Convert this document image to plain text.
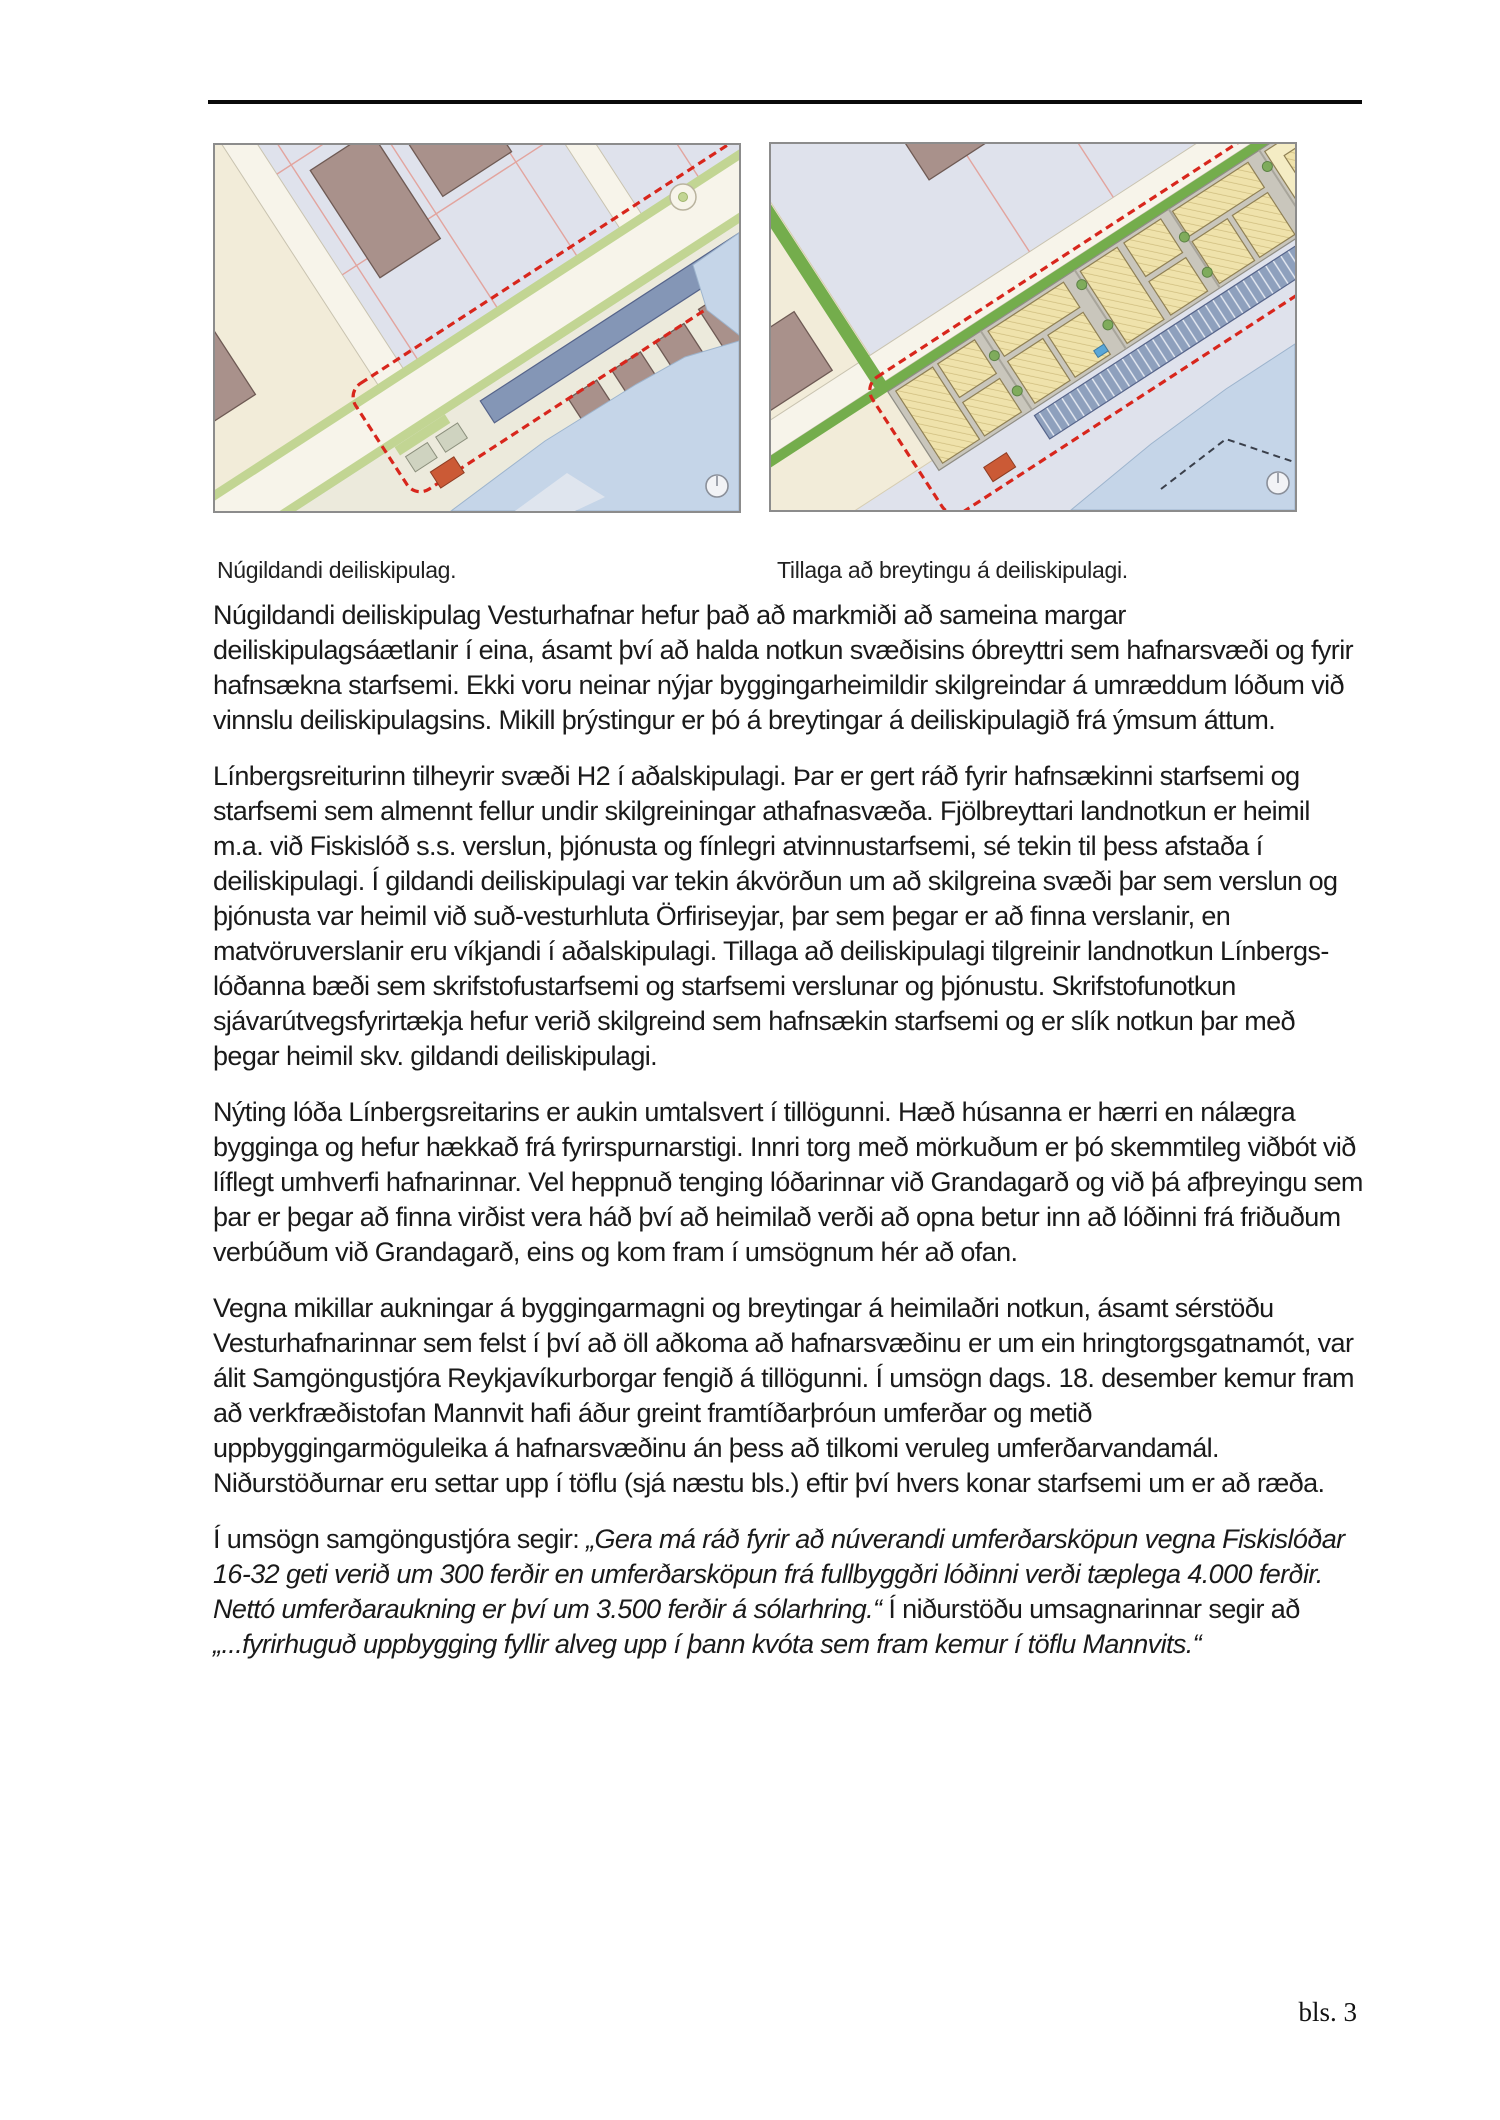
Núgildandi deiliskipulag.	Tillaga að breytingu á deiliskipulagi.

Núgildandi deiliskipulag Vesturhafnar hefur það að markmiði að sameina margar deiliskipulagsáætlanir í eina, ásamt því að halda notkun svæðisins óbreyttri sem hafnarsvæði og fyrir hafnsækna starfsemi. Ekki voru neinar nýjar byggingarheimildir skilgreindar á umræddum lóðum við vinnslu deiliskipulagsins. Mikill þrýstingur er þó á breytingar á deiliskipulagið frá ýmsum áttum.

Línbergsreiturinn tilheyrir svæði H2 í aðalskipulagi. Þar er gert ráð fyrir hafnsækinni starfsemi og starfsemi sem almennt fellur undir skilgreiningar athafnasvæða. Fjölbreyttari landnotkun er heimil m.a. við Fiskislóð s.s. verslun, þjónusta og fínlegri atvinnustarfsemi, sé tekin til þess afstaða í deiliskipulagi. Í gildandi deiliskipulagi var tekin ákvörðun um að skilgreina svæði þar sem verslun og þjónusta var heimil við suð-vesturhluta Örfiriseyjar, þar sem þegar er að finna verslanir, en matvöruverslanir eru víkjandi í aðalskipulagi. Tillaga að deiliskipulagi tilgreinir landnotkun Línbergs-lóðanna bæði sem skrifstofustarfsemi og starfsemi verslunar og þjónustu. Skrifstofunotkun sjávarútvegsfyrirtækja hefur verið skilgreind sem hafnsækin starfsemi og er slík notkun þar með þegar heimil skv. gildandi deiliskipulagi.

Nýting lóða Línbergsreitarins er aukin umtalsvert í tillögunni. Hæð húsanna er hærri en nálægra bygginga og hefur hækkað frá fyrirspurnarstigi. Innri torg með mörkuðum er þó skemmtileg viðbót við líflegt umhverfi hafnarinnar. Vel heppnuð tenging lóðarinnar við Grandagarð og við þá afþreyingu sem þar er þegar að finna virðist vera háð því að heimilað verði að opna betur inn að lóðinni frá friðuðum verbúðum við Grandagarð, eins og kom fram í umsögnum hér að ofan.

Vegna mikillar aukningar á byggingarmagni og breytingar á heimilaðri notkun, ásamt sérstöðu Vesturhafnarinnar sem felst í því að öll aðkoma að hafnarsvæðinu er um ein hringtorgsgatnamót, var álit Samgöngustjóra Reykjavíkurborgar fengið á tillögunni. Í umsögn dags. 18. desember kemur fram að verkfræðistofan Mannvit hafi áður greint framtíðarþróun umferðar og metið uppbyggingarmöguleika á hafnarsvæðinu án þess að tilkomi veruleg umferðarvandamál. Niðurstöðurnar eru settar upp í töflu (sjá næstu bls.) eftir því hvers konar starfsemi um er að ræða.

Í umsögn samgöngustjóra segir: „Gera má ráð fyrir að núverandi umferðarsköpun vegna Fiskislóðar 16-32 geti verið um 300 ferðir en umferðarsköpun frá fullbyggðri lóðinni verði tæplega 4.000 ferðir. Nettó umferðaraukning er því um 3.500 ferðir á sólarhring.“ Í niðurstöðu umsagnarinnar segir að „...fyrirhuguð uppbygging fyllir alveg upp í þann kvóta sem fram kemur í töflu Mannvits.“

bls. 3
